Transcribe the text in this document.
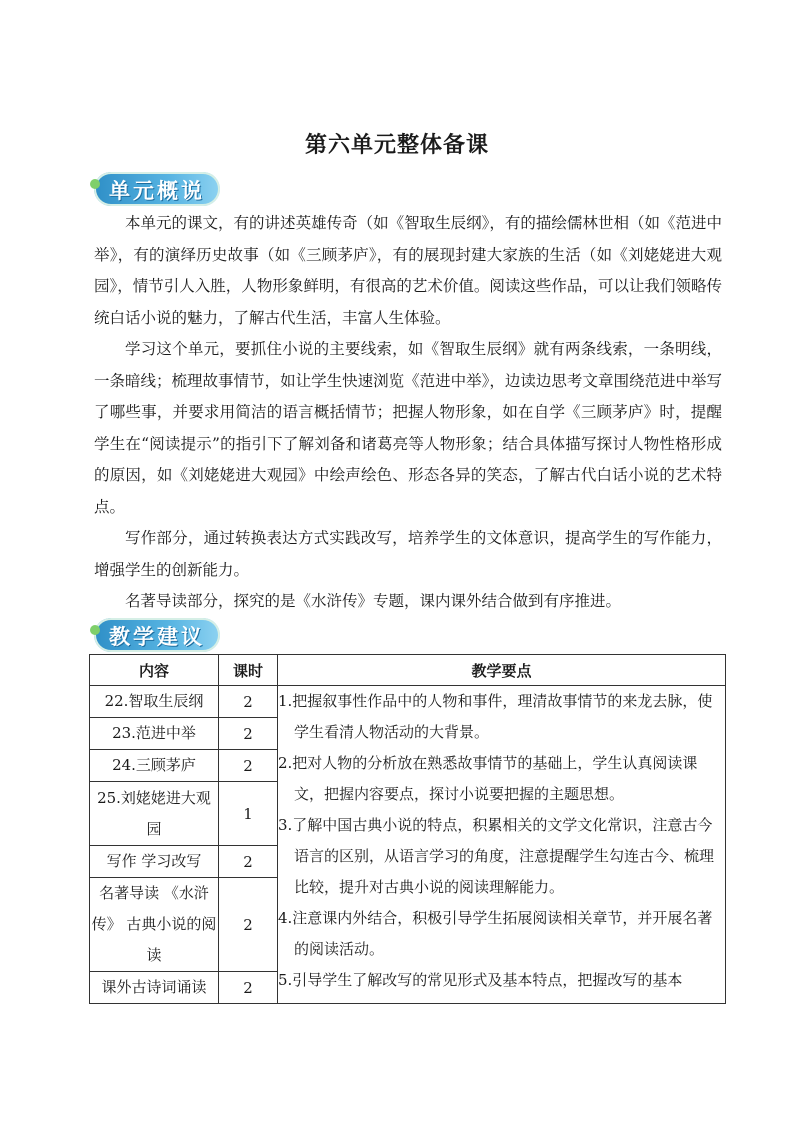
第六单元整体备课
单元概说

本单元的课文，有的讲述英雄传奇（如《智取生辰纲》，有的描绘儒林世相（如《范进中举》，有的演绎历史故事（如《三顾茅庐》，有的展现封建大家族的生活（如《刘姥姥进大观园》，情节引人入胜，人物形象鲜明，有很高的艺术价值。阅读这些作品，可以让我们领略传统白话小说的魅力，了解古代生活，丰富人生体验。

学习这个单元，要抓住小说的主要线索，如《智取生辰纲》就有两条线索，一条明线，一条暗线；梳理故事情节，如让学生快速浏览《范进中举》，边读边思考文章围绕范进中举写了哪些事，并要求用简洁的语言概括情节；把握人物形象，如在自学《三顾茅庐》时，提醒学生在“阅读提示”的指引下了解刘备和诸葛亮等人物形象；结合具体描写探讨人物性格形成的原因，如《刘姥姥进大观园》中绘声绘色、形态各异的笑态，了解古代白话小说的艺术特点。

写作部分，通过转换表达方式实践改写，培养学生的文体意识，提高学生的写作能力，增强学生的创新能力。

名著导读部分，探究的是《水浒传》专题，课内课外结合做到有序推进。

教学建议
内容	课时	教学要点
22.智取生辰纲	2	1.把握叙事性作品中的人物和事件，理清故事情节的来龙去脉，使学生看清人物活动的大背景。
2.把对人物的分析放在熟悉故事情节的基础上，学生认真阅读课文，把握内容要点，探讨小说要把握的主题思想。
3.了解中国古典小说的特点，积累相关的文学文化常识，注意古今语言的区别，从语言学习的角度，注意提醒学生勾连古今、梳理比较，提升对古典小说的阅读理解能力。
4.注意课内外结合，积极引导学生拓展阅读相关章节，并开展名著的阅读活动。
5.引导学生了解改写的常见形式及基本特点，把握改写的基本

23.范进中举	2	
24.三顾茅庐	2	
25.刘姥姥进大观园	1	
写作 学习改写	2	
名著导读 《水浒传》 古典小说的阅读	2	
课外古诗词诵读	2	
